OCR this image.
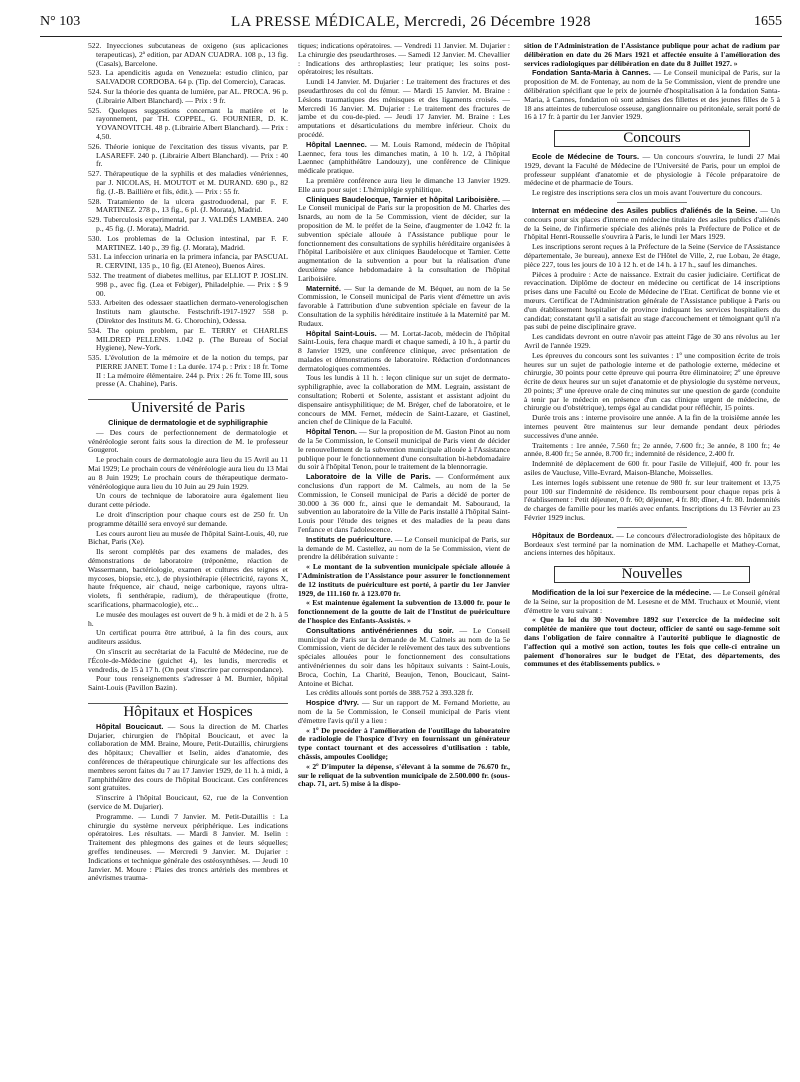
N° 103	LA PRESSE MÉDICALE, Mercredi, 26 Décembre 1928	1655

522. Inyecciones subcutaneas de oxigeno (sus aplicaciones terapeuticas), 2ª edition, par ADAN CUADRA. 108 p., 13 fig. (Casals), Barcelone.

523. La apendicitis aguda en Venezuela: estudio clinico, par SALVADOR CORDOBA. 64 p. (Tip. del Comercio), Caracas.

524. Sur la théorie des quanta de lumière, par AL. PROCA. 96 p. (Librairie Albert Blanchard). — Prix : 9 fr.

525. Quelques suggestions concernant la matière et le rayonnement, par TH. COPPEL, G. FOURNIER, D. K. YOVANOVITCH. 48 p. (Librairie Albert Blanchard). — Prix : 4,50.

526. Théorie ionique de l'excitation des tissus vivants, par P. LASAREFF. 240 p. (Librairie Albert Blanchard). — Prix : 40 fr.

527. Thérapeutique de la syphilis et des maladies vénériennes, par J. NICOLAS, H. MOUTOT et M. DURAND. 690 p., 82 fig. (J.-B. Baillière et fils, édit.). — Prix : 55 fr.

528. Tratamiento de la ulcera gastroduodenal, par F. F. MARTINEZ. 278 p., 13 fig., 6 pl. (J. Morata), Madrid.

529. Tuberculosis experimental, par J. VALDÉS LAMBEA. 240 p., 45 fig. (J. Morata), Madrid.

530. Los problemas de la Oclusion intestinal, par F. F. MARTINEZ. 140 p., 39 fig. (J. Morata), Madrid.

531. La infeccion urinaria en la primera infancia, par PASCUAL R. CERVINI, 135 p., 10 fig. (El Ateneo), Buenos Aires.

532. The treatment of diabetes mellitus, par ELLIOT P. JOSLIN. 998 p., avec fig. (Lea et Febiger), Philadelphie. — Prix : $ 9 00.

533. Arbeiten des odessaer staatlichen dermato-venerologischen Instituts nam glautsche. Festschrift-1917-1927 558 p. (Direktor des Instituts M. G. Chorochin), Odessa.

534. The opium problem, par E. TERRY et CHARLES MILDRED PELLENS. 1.042 p. (The Bureau of Social Hygiene), New-York.

535. L'évolution de la mémoire et de la notion du temps, par PIERRE JANET. Tome I : La durée. 174 p. : Prix : 18 fr. Tome II : La mémoire élémentaire. 244 p. Prix : 26 fr. Tome III, sous presse (A. Chahine), Paris.

Université de Paris

Clinique de dermatologie et de syphiligraphie

— Des cours de perfectionnement de dermatologie et vénéréologie seront faits sous la direction de M. le professeur Gougerot.

Le prochain cours de dermatologie aura lieu du 15 Avril au 11 Mai 1929; Le prochain cours de vénéréologie aura lieu du 13 Mai au 8 Juin 1929; Le prochain cours de thérapeutique dermato-vénéréologique aura lieu du 10 Juin au 29 Juin 1929.

Un cours de technique de laboratoire aura également lieu durant cette période.

Le droit d'inscription pour chaque cours est de 250 fr. Un programme détaillé sera envoyé sur demande.

Les cours auront lieu au musée de l'hôpital Saint-Louis, 40, rue Bichat, Paris (Xe).

Ils seront complétés par des examens de malades, des démonstrations de laboratoire (tréponème, réaction de Wassermann, bactériologie, examen et cultures des teignes et mycoses, biopsie, etc.), de physiothérapie (électricité, rayons X, haute fréquence, air chaud, neige carbonique, rayons ultra-violets, fi senthérapie, radium), de thérapeutique (frotte, scarifications, pharmacologie), etc...

Le musée des moulages est ouvert de 9 h. à midi et de 2 h. à 5 h.

Un certificat pourra être attribué, à la fin des cours, aux auditeurs assidus.

On s'inscrit au secrétariat de la Faculté de Médecine, rue de l'École-de-Médecine (guichet 4), les lundis, mercredis et vendredis, de 15 à 17 h. (On peut s'inscrire par correspondance).

Pour tous renseignements s'adresser à M. Burnier, hôpital Saint-Louis (Pavillon Bazin).

Hôpitaux et Hospices

Hôpital Boucicaut. — Sous la direction de M. Charles Dujarier, chirurgien de l'hôpital Boucicaut, et avec la collaboration de MM. Braine, Moure, Petit-Dutaillis, chirurgiens des hôpitaux; Chevallier et Iselin, aides d'anatomie, des conférences de thérapeutique chirurgicale sur les affections des membres seront faites du 7 au 17 Janvier 1929, de 11 h. à midi, à l'amphithéâtre des cours de l'hôpital Boucicaut. Ces conférences sont gratuites.

S'inscrire à l'hôpital Boucicaut, 62, rue de la Convention (service de M. Dujarier).

Programme. — Lundi 7 Janvier. M. Petit-Dutaillis : La chirurgie du système nerveux périphérique. Les indications opératoires. Les résultats. — Mardi 8 Janvier. M. Iselin : Traitement des phlegmons des gaines et de leurs séquelles; greffes tendineuses. — Mercredi 9 Janvier. M. Dujarier : Indications et technique générale des ostéosynthèses. — Jeudi 10 Janvier. M. Moure : Plaies des troncs artériels des membres et anévrismes trauma-

tiques; indications opératoires. — Vendredi 11 Janvier. M. Dujarier : La chirurgie des pseudarthroses. — Samedi 12 Janvier. M. Chevallier : Indications des arthroplasties; leur pratique; les soins post-opératoires; les résultats.

Lundi 14 Janvier. M. Dujarier : Le traitement des fractures et des pseudarthroses du col du fémur. — Mardi 15 Janvier. M. Braine : Lésions traumatiques des ménisques et des ligaments croisés. — Mercredi 16 Janvier. M. Dujarier : Le traitement des fractures de jambe et du cou-de-pied. — Jeudi 17 Janvier. M. Braine : Les amputations et désarticulations du membre inférieur. Choix du procédé.

Hôpital Laennec. — M. Louis Ramond, médecin de l'hôpital Laennec, fera tous les dimanches matin, à 10 h. 1/2, à l'hôpital Laennec (amphithéâtre Landouzy), une conférence de Clinique médicale pratique.

La première conférence aura lieu le dimanche 13 Janvier 1929. Elle aura pour sujet : L'hémiplégie syphilitique.

Cliniques Baudelocque, Tarnier et hôpital Lariboisière. — Le Conseil municipal de Paris sur la proposition de M. Charles des Isnards, au nom de la 5e Commission, vient de décider, sur la proposition de M. le préfet de la Seine, d'augmenter de 1.042 fr. la subvention spéciale allouée à l'Assistance publique pour le fonctionnement des consultations de syphilis héréditaire organisées à l'hôpital Lariboisière et aux cliniques Baudelocque et Tarnier. Cette augmentation de la subvention a pour but la réalisation d'une deuxième séance hebdomadaire à la consultation de l'hôpital Lariboisière.

Maternité. — Sur la demande de M. Béquet, au nom de la 5e Commission, le Conseil municipal de Paris vient d'émettre un avis favorable à l'attribution d'une subvention spéciale en faveur de la Consultation de la syphilis héréditaire instituée à la Maternité par M. Rudaux.

Hôpital Saint-Louis. — M. Lortat-Jacob, médecin de l'hôpital Saint-Louis, fera chaque mardi et chaque samedi, à 10 h., à partir du 8 Janvier 1929, une conférence clinique, avec présentation de malades et démonstrations de laboratoire. Rédaction d'ordonnances dermatologiques commentées.

Tous les lundis à 11 h. : leçon clinique sur un sujet de dermato-syphiligraphie, avec la collaboration de MM. Legrain, assistant de consultation; Roberti et Solente, assistant et assistant adjoint du dispensaire antisyphilitique; de M. Bréger, chef de laboratoire, et le concours de MM. Fernet, médecin de Saint-Lazare, et Gastinel, ancien chef de Clinique de la Faculté.

Hôpital Tenon. — Sur la proposition de M. Gaston Pinot au nom de la 5e Commission, le Conseil municipal de Paris vient de décider le renouvellement de la subvention municipale allouée à l'Assistance publique pour le fonctionnement d'une consultation bi-hebdomadaire du soir à l'hôpital Tenon, pour le traitement de la blennorragie.

Laboratoire de la Ville de Paris. — Conformément aux conclusions d'un rapport de M. Calmels, au nom de la 5e Commission, le Conseil municipal de Paris a décidé de porter de 30.000 à 36 000 fr., ainsi que le demandait M. Sabouraud, la subvention au laboratoire de la Ville de Paris installé à l'hôpital Saint-Louis pour l'étude des teignes et des maladies de la peau dans l'enfance et dans l'adolescence.

Instituts de puériculture. — Le Conseil municipal de Paris, sur la demande de M. Castellez, au nom de la 5e Commission, vient de prendre la délibération suivante :

« Le montant de la subvention municipale spéciale allouée à l'Administration de l'Assistance pour assurer le fonctionnement de 12 instituts de puériculture est porté, à partir du 1er Janvier 1929, de 111.160 fr. à 123.070 fr.

« Est maintenue également la subvention de 13.000 fr. pour le fonctionnement de la goutte de lait de l'Institut de puériculture de l'hospice des Enfants-Assistés. »

Consultations antivénériennes du soir. — Le Conseil municipal de Paris sur la demande de M. Calmels au nom de la 5e Commission, vient de décider le relèvement des taux des subventions spéciales allouées pour le fonctionnement des consultations antivénériennes du soir dans les hôpitaux suivants : Saint-Louis, Broca, Cochin, La Charité, Beaujon, Tenon, Boucicaut, Saint-Antoine et Bichat.

Les crédits alloués sont portés de 388.752 à 393.328 fr.

Hospice d'Ivry. — Sur un rapport de M. Fernand Moriette, au nom de la 5e Commission, le Conseil municipal de Paris vient d'émettre l'avis qu'il y a lieu :

« 1º De procéder à l'amélioration de l'outillage du laboratoire de radiologie de l'hospice d'Ivry en fournissant un générateur type contact tournant et des accessoires d'utilisation : table, châssis, ampoules Coolidge;

« 2º D'imputer la dépense, s'élevant à la somme de 76.670 fr., sur le reliquat de la subvention municipale de 2.500.000 fr. (sous-chap. 71, art. 5) mise à la dispo-

sition de l'Administration de l'Assistance publique pour achat de radium par délibération en date du 26 Mars 1921 et affectée ensuite à l'amélioration des services radiologiques par délibération en date du 8 Juillet 1927. »

Fondation Santa-Maria à Cannes. — Le Conseil municipal de Paris, sur la proposition de M. de Fontenay, au nom de la 5e Commission, vient de prendre une délibération spécifiant que le prix de journée d'hospitalisation à la fondation Santa-Maria, à Cannes, fondation où sont admises des fillettes et des jeunes filles de 5 à 18 ans atteintes de tuberculose osseuse, ganglionnaire ou péritonéale, serait porté de 16 à 17 fr. à partir du 1er Janvier 1929.

Concours

Ecole de Médecine de Tours. — Un concours s'ouvrira, le lundi 27 Mai 1929, devant la Faculté de Médecine de l'Université de Paris, pour un emploi de professeur suppléant d'anatomie et de physiologie à l'école préparatoire de médecine et de pharmacie de Tours.

Le registre des inscriptions sera clos un mois avant l'ouverture du concours.

Internat en médecine des Asiles publics d'aliénés de la Seine. — Un concours pour six places d'interne en médecine titulaire des asiles publics d'aliénés de la Seine, de l'infirmerie spéciale des aliénés près la Préfecture de Police et de l'hôpital Henri-Rousselle s'ouvrira à Paris, le lundi 1er Mars 1929.

Les inscriptions seront reçues à la Préfecture de la Seine (Service de l'Assistance départementale, 3e bureau), annexe Est de l'Hôtel de Ville, 2, rue Lobau, 2e étage, pièce 227, tous les jours de 10 à 12 h. et de 14 h. à 17 h., sauf les dimanches.

Pièces à produire : Acte de naissance. Extrait du casier judiciaire. Certificat de revaccination. Diplôme de docteur en médecine ou certificat de 14 inscriptions prises dans une Faculté ou Ecole de Médecine de l'Etat. Certificat de bonne vie et mœurs. Certificat de l'Administration générale de l'Assistance publique à Paris ou d'un établissement hospitalier de province indiquant les services hospitaliers du candidat; constatant qu'il a satisfait au stage d'accouchement et témoignant qu'il n'a pas subi de peine disciplinaire grave.

Les candidats devront en outre n'avoir pas atteint l'âge de 30 ans révolus au 1er Avril de l'année 1929.

Les épreuves du concours sont les suivantes : 1º une composition écrite de trois heures sur un sujet de pathologie interne et de pathologie externe, médecine et chirurgie, 30 points pour cette épreuve qui pourra être éliminatoire; 2º une épreuve écrite de deux heures sur un sujet d'anatomie et de physiologie du système nerveux, 20 points; 3º une épreuve orale de cinq minutes sur une question de garde (conduite à tenir par le médecin en présence d'un cas clinique urgent de médecine, de chirurgie ou d'obstétrique), temps égal au candidat pour réfléchir, 15 points.

Durée trois ans : interne provisoire une année. A la fin de la troisième année les internes peuvent être maintenus sur leur demande pendant deux périodes successives d'une année.

Traitements : 1re année, 7.560 fr.; 2e année, 7.600 fr.; 3e année, 8 100 fr.; 4e année, 8.400 fr.; 5e année, 8.700 fr.; indemnité de résidence, 2.400 fr.

Indemnité de déplacement de 600 fr. pour l'asile de Villejuif, 400 fr. pour les asiles de Vaucluse, Ville-Evrard, Maison-Blanche, Moisselles.

Les internes logés subissent une retenue de 980 fr. sur leur traitement et 13,75 pour 100 sur l'indemnité de résidence. Ils remboursent pour chaque repas pris à l'établissement : Petit déjeuner, 0 fr. 60; déjeuner, 4 fr. 80; dîner, 4 fr. 80. Indemnités de charges de famille pour les mariés avec enfants. Inscriptions du 13 Février au 23 Février 1929 inclus.

Hôpitaux de Bordeaux. — Le concours d'électroradiologiste des hôpitaux de Bordeaux s'est terminé par la nomination de MM. Lachapelle et Mathey-Cornat, anciens internes des hôpitaux.

Nouvelles

Modification de la loi sur l'exercice de la médecine. — Le Conseil général de la Seine, sur la proposition de M. Lesesne et de MM. Truchaux et Mounié, vient d'émettre le vœu suivant :

« Que la loi du 30 Novembre 1892 sur l'exercice de la médecine soit complétée de manière que tout docteur, officier de santé ou sage-femme soit dans l'obligation de faire connaître à l'autorité publique le diagnostic de l'affection qui a motivé son action, toutes les fois que celle-ci entraîne un paiement d'honoraires sur le budget de l'Etat, des départements, des communes et des établissements publics. »
